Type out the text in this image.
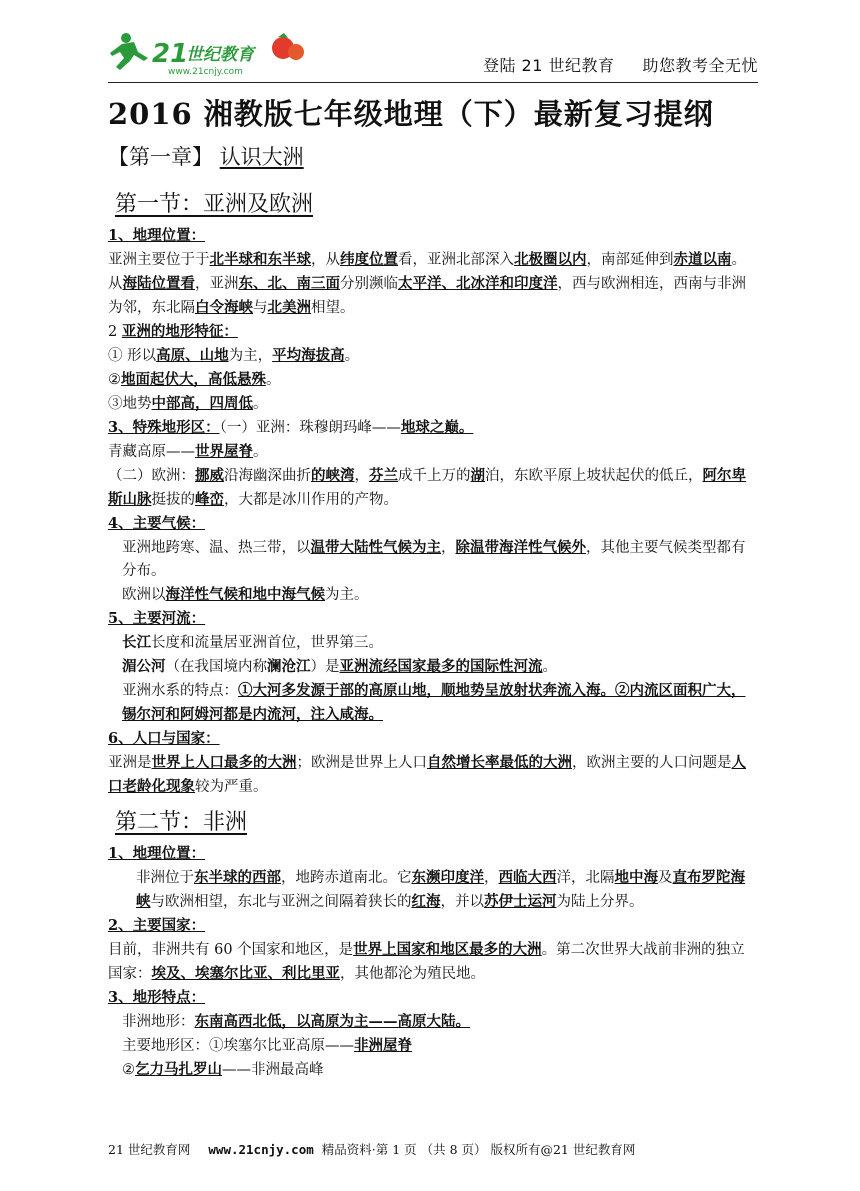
21
世纪教育
www.21cnjy.com	登陆 21 世纪教育 助您教考全无忧
2016 湘教版七年级地理（下）最新复习提纲
【第一章】 认识大洲
第一节：亚洲及欧洲

1、地理位置：

亚洲主要位于于北半球和东半球，从纬度位置看，亚洲北部深入北极圈以内，南部延伸到赤道以南。从海陆位置看，亚洲东、北、南三面分别濒临太平洋、北冰洋和印度洋，西与欧洲相连，西南与非洲为邻，东北隔白令海峡与北美洲相望。

2 亚洲的地形特征：

① 形以高原、山地为主，平均海拔高。

②地面起伏大，高低悬殊。

③地势中部高，四周低。

3、特殊地形区：（一）亚洲：珠穆朗玛峰——地球之巅。

青藏高原——世界屋脊。

（二）欧洲：挪威沿海幽深曲折的峡湾，芬兰成千上万的湖泊，东欧平原上坡状起伏的低丘，阿尔卑斯山脉挺拔的峰峦，大都是冰川作用的产物。

4、主要气候：

亚洲地跨寒、温、热三带，以温带大陆性气候为主，除温带海洋性气候外，其他主要气候类型都有分布。

欧洲以海洋性气候和地中海气候为主。

5、主要河流：

长江长度和流量居亚洲首位，世界第三。

湄公河（在我国境内称澜沧江）是亚洲流经国家最多的国际性河流。

亚洲水系的特点：①大河多发源于部的高原山地，顺地势呈放射状奔流入海。②内流区面积广大，锡尔河和阿姆河都是内流河，注入咸海。

6、人口与国家：

亚洲是世界上人口最多的大洲；欧洲是世界上人口自然增长率最低的大洲，欧洲主要的人口问题是人口老龄化现象较为严重。

第二节：非洲

1、地理位置：

非洲位于东半球的西部，地跨赤道南北。它东濒印度洋，西临大西洋，北隔地中海及直布罗陀海峡与欧洲相望，东北与亚洲之间隔着狭长的红海，并以苏伊士运河为陆上分界。

2、主要国家：

目前，非洲共有 60 个国家和地区，是世界上国家和地区最多的大洲。第二次世界大战前非洲的独立国家：埃及、埃塞尔比亚、利比里亚，其他都沦为殖民地。

3、地形特点：

非洲地形：东南高西北低，以高原为主——高原大陆。

主要地形区：①埃塞尔比亚高原——非洲屋脊

②乞力马扎罗山——非洲最高峰

21 世纪教育网 www.21cnjy.com 精品资料·第 1 页 （共 8 页） 版权所有@21 世纪教育网
